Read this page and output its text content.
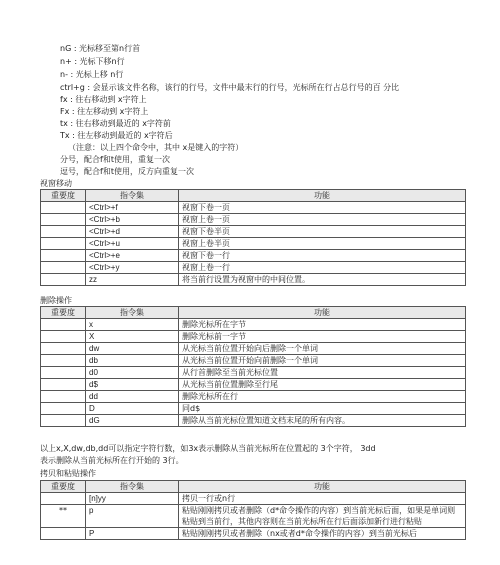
nG : 光标移至第n行首
n+ : 光标下移n行
n- : 光标上移 n行
ctrl+g : 会显示该文件名称，该行的行号，文件中最末行的行号，光标所在行占总行号的百 分比
fx : 往右移动到 x字符上
Fx : 往左移动到 x字符上
tx : 往右移动到最近的 x字符前
Tx : 往左移动到最近的 x字符后
（注意：以上四个命令中，其中 x是键入的字符）
分号，配合f和t使用，重复一次
逗号，配合f和t使用，反方向重复一次
视窗移动
重要度	指令集	功能
	<Ctrl>+f	视窗下卷一页
	<Ctrl>+b	视窗上卷一页
	<Ctrl>+d	视窗下卷半页
	<Ctrl>+u	视窗上卷半页
	<Ctrl>+e	视窗下卷一行
	<Ctrl>+y	视窗上卷一行
	zz	将当前行设置为视窗中的中间位置。
删除操作
重要度	指令集	功能
	x	删除光标所在字节
	X	删除光标前一字节
	dw	从光标当前位置开始向后删除一个单词
	db	从光标当前位置开始向前删除一个单词
	d0	从行首删除至当前光标位置
	d$	从光标当前位置删除至行尾
	dd	删除光标所在行
	D	同d$
	dG	删除从当前光标位置知道文档末尾的所有内容。
以上x,X,dw,db,dd可以指定字符行数，如3x表示删除从当前光标所在位置起的 3个字符， 3dd
表示删除从当前光标所在行开始的 3行。
拷贝和粘贴操作
重要度	指令集	功能
	[n]yy	拷贝一行或n行
**	p	粘贴刚刚拷贝或者删除（d*命令操作的内容）到当前光标后面，如果是单词则粘贴到当前行，其他内容则在当前光标所在行后面添加新行进行粘贴
	P	粘贴刚刚拷贝或者删除（nx或者d*命令操作的内容）到当前光标后
